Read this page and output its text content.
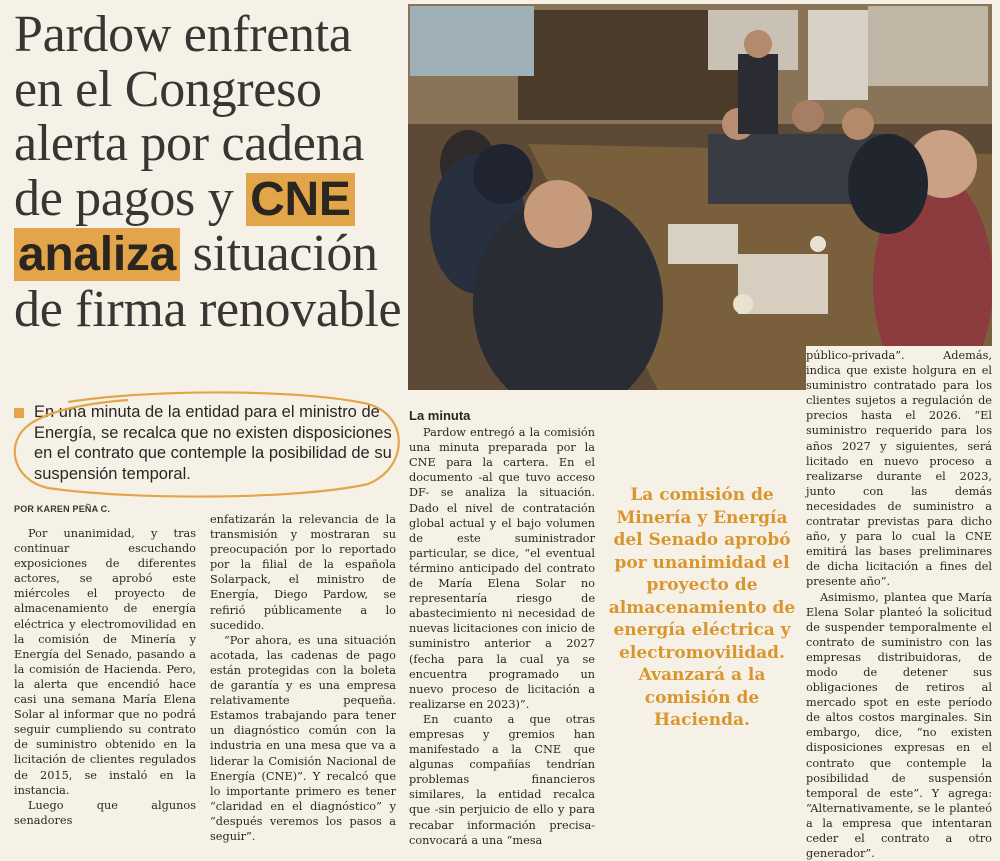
Pardow enfrenta
en el Congreso
alerta por cadena
de pagos y CNE
analiza situación
de firma renovable
En una minuta de la entidad para el ministro de Energía, se recalca que no existen disposiciones en el contrato que contemple la posibilidad de su suspensión temporal.
POR KAREN PEÑA C.

Por unanimidad, y tras continuar escuchando exposiciones de diferentes actores, se aprobó este miércoles el proyecto de almacenamiento de energía eléctrica y electromovilidad en la comisión de Minería y Energía del Senado, pasando a la comisión de Hacienda. Pero, la alerta que encendió hace casi una semana María Elena Solar al informar que no podrá seguir cumpliendo su contrato de suministro obtenido en la licitación de clientes regulados de 2015, se instaló en la instancia.

Luego que algunos senadores

enfatizarán la relevancia de la transmisión y mostraran su preocupación por lo reportado por la filial de la española Solarpack, el ministro de Energía, Diego Pardow, se refirió públicamente a lo sucedido.

“Por ahora, es una situación acotada, las cadenas de pago están protegidas con la boleta de garantía y es una empresa relativamente pequeña. Estamos trabajando para tener un diagnóstico común con la industria en una mesa que va a liderar la Comisión Nacional de Energía (CNE)”. Y recalcó que lo importante primero es tener “claridad en el diagnóstico” y “después veremos los pasos a seguir”.

La minuta

Pardow entregó a la comisión una minuta preparada por la CNE para la cartera. En el documento -al que tuvo acceso DF- se analiza la situación. Dado el nivel de contratación global actual y el bajo volumen de este suministrador particular, se dice, “el eventual término anticipado del contrato de María Elena Solar no representaría riesgo de abastecimiento ni necesidad de nuevas licitaciones con inicio de suministro anterior a 2027 (fecha para la cual ya se encuentra programado un nuevo proceso de licitación a realizarse en 2023)”.

En cuanto a que otras empresas y gremios han manifestado a la CNE que algunas compañías tendrían problemas financieros similares, la entidad recalca que -sin perjuicio de ello y para recabar información precisa- convocará a una “mesa

La comisión de Minería y Energía del Senado aprobó por unanimidad el proyecto de almacenamiento de energía eléctrica y electromovilidad. Avanzará a la comisión de Hacienda.

público-privada”. Además, indica que existe holgura en el suministro contratado para los clientes sujetos a regulación de precios hasta el 2026. “El suministro requerido para los años 2027 y siguientes, será licitado en nuevo proceso a realizarse durante el 2023, junto con las demás necesidades de suministro a contratar previstas para dicho año, y para lo cual la CNE emitirá las bases preliminares de dicha licitación a fines del presente año”.

Asimismo, plantea que María Elena Solar planteó la solicitud de suspender temporalmente el contrato de suministro con las empresas distribuidoras, de modo de detener sus obligaciones de retiros al mercado spot en este período de altos costos marginales. Sin embargo, dice, “no existen disposiciones expresas en el contrato que contemple la posibilidad de suspensión temporal de este”. Y agrega: “Alternativamente, se le planteó a la empresa que intentaran ceder el contrato a otro generador”.
